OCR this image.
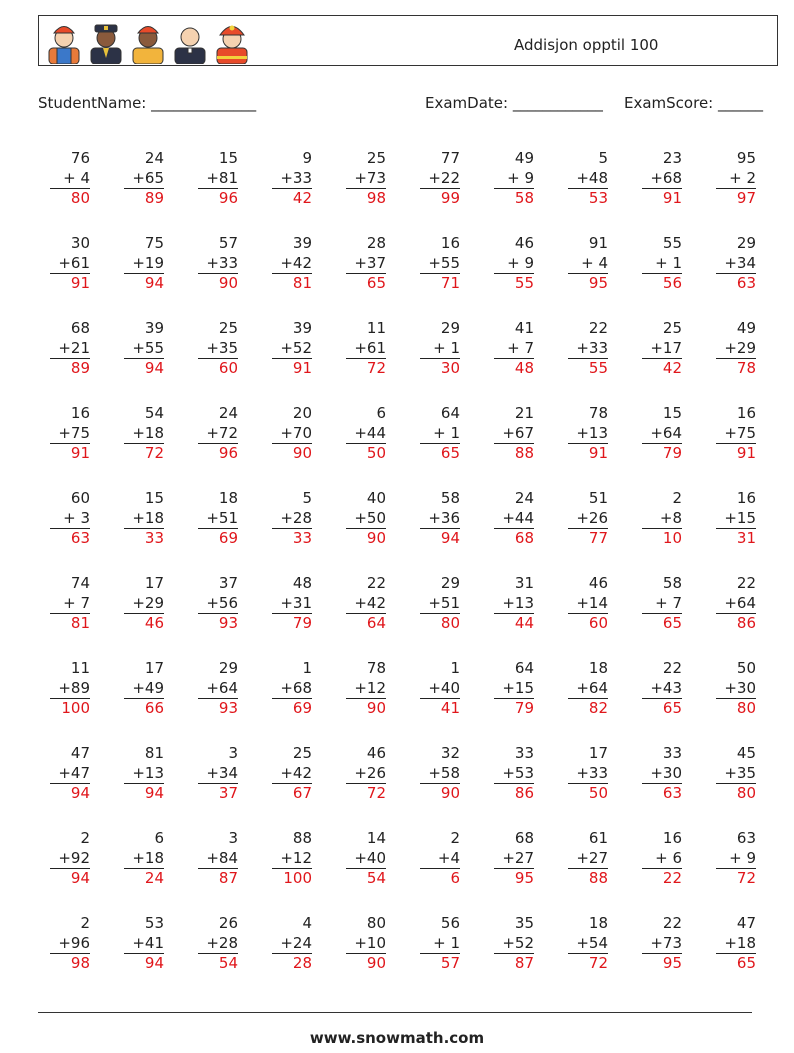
Addisjon opptil 100
StudentName: ______________	ExamDate: ____________ ExamScore: ______
76
+ 4
80
24
+65
89
15
+81
96
9
+33
42
25
+73
98
77
+22
99
49
+ 9
58
5
+48
53
23
+68
91
95
+ 2
97
30
+61
91
75
+19
94
57
+33
90
39
+42
81
28
+37
65
16
+55
71
46
+ 9
55
91
+ 4
95
55
+ 1
56
29
+34
63
68
+21
89
39
+55
94
25
+35
60
39
+52
91
11
+61
72
29
+ 1
30
41
+ 7
48
22
+33
55
25
+17
42
49
+29
78
16
+75
91
54
+18
72
24
+72
96
20
+70
90
6
+44
50
64
+ 1
65
21
+67
88
78
+13
91
15
+64
79
16
+75
91
60
+ 3
63
15
+18
33
18
+51
69
5
+28
33
40
+50
90
58
+36
94
24
+44
68
51
+26
77
2
+8
10
16
+15
31
74
+ 7
81
17
+29
46
37
+56
93
48
+31
79
22
+42
64
29
+51
80
31
+13
44
46
+14
60
58
+ 7
65
22
+64
86
11
+89
100
17
+49
66
29
+64
93
1
+68
69
78
+12
90
1
+40
41
64
+15
79
18
+64
82
22
+43
65
50
+30
80
47
+47
94
81
+13
94
3
+34
37
25
+42
67
46
+26
72
32
+58
90
33
+53
86
17
+33
50
33
+30
63
45
+35
80
2
+92
94
6
+18
24
3
+84
87
88
+12
100
14
+40
54
2
+4
6
68
+27
95
61
+27
88
16
+ 6
22
63
+ 9
72
2
+96
98
53
+41
94
26
+28
54
4
+24
28
80
+10
90
56
+ 1
57
35
+52
87
18
+54
72
22
+73
95
47
+18
65
www.snowmath.com
